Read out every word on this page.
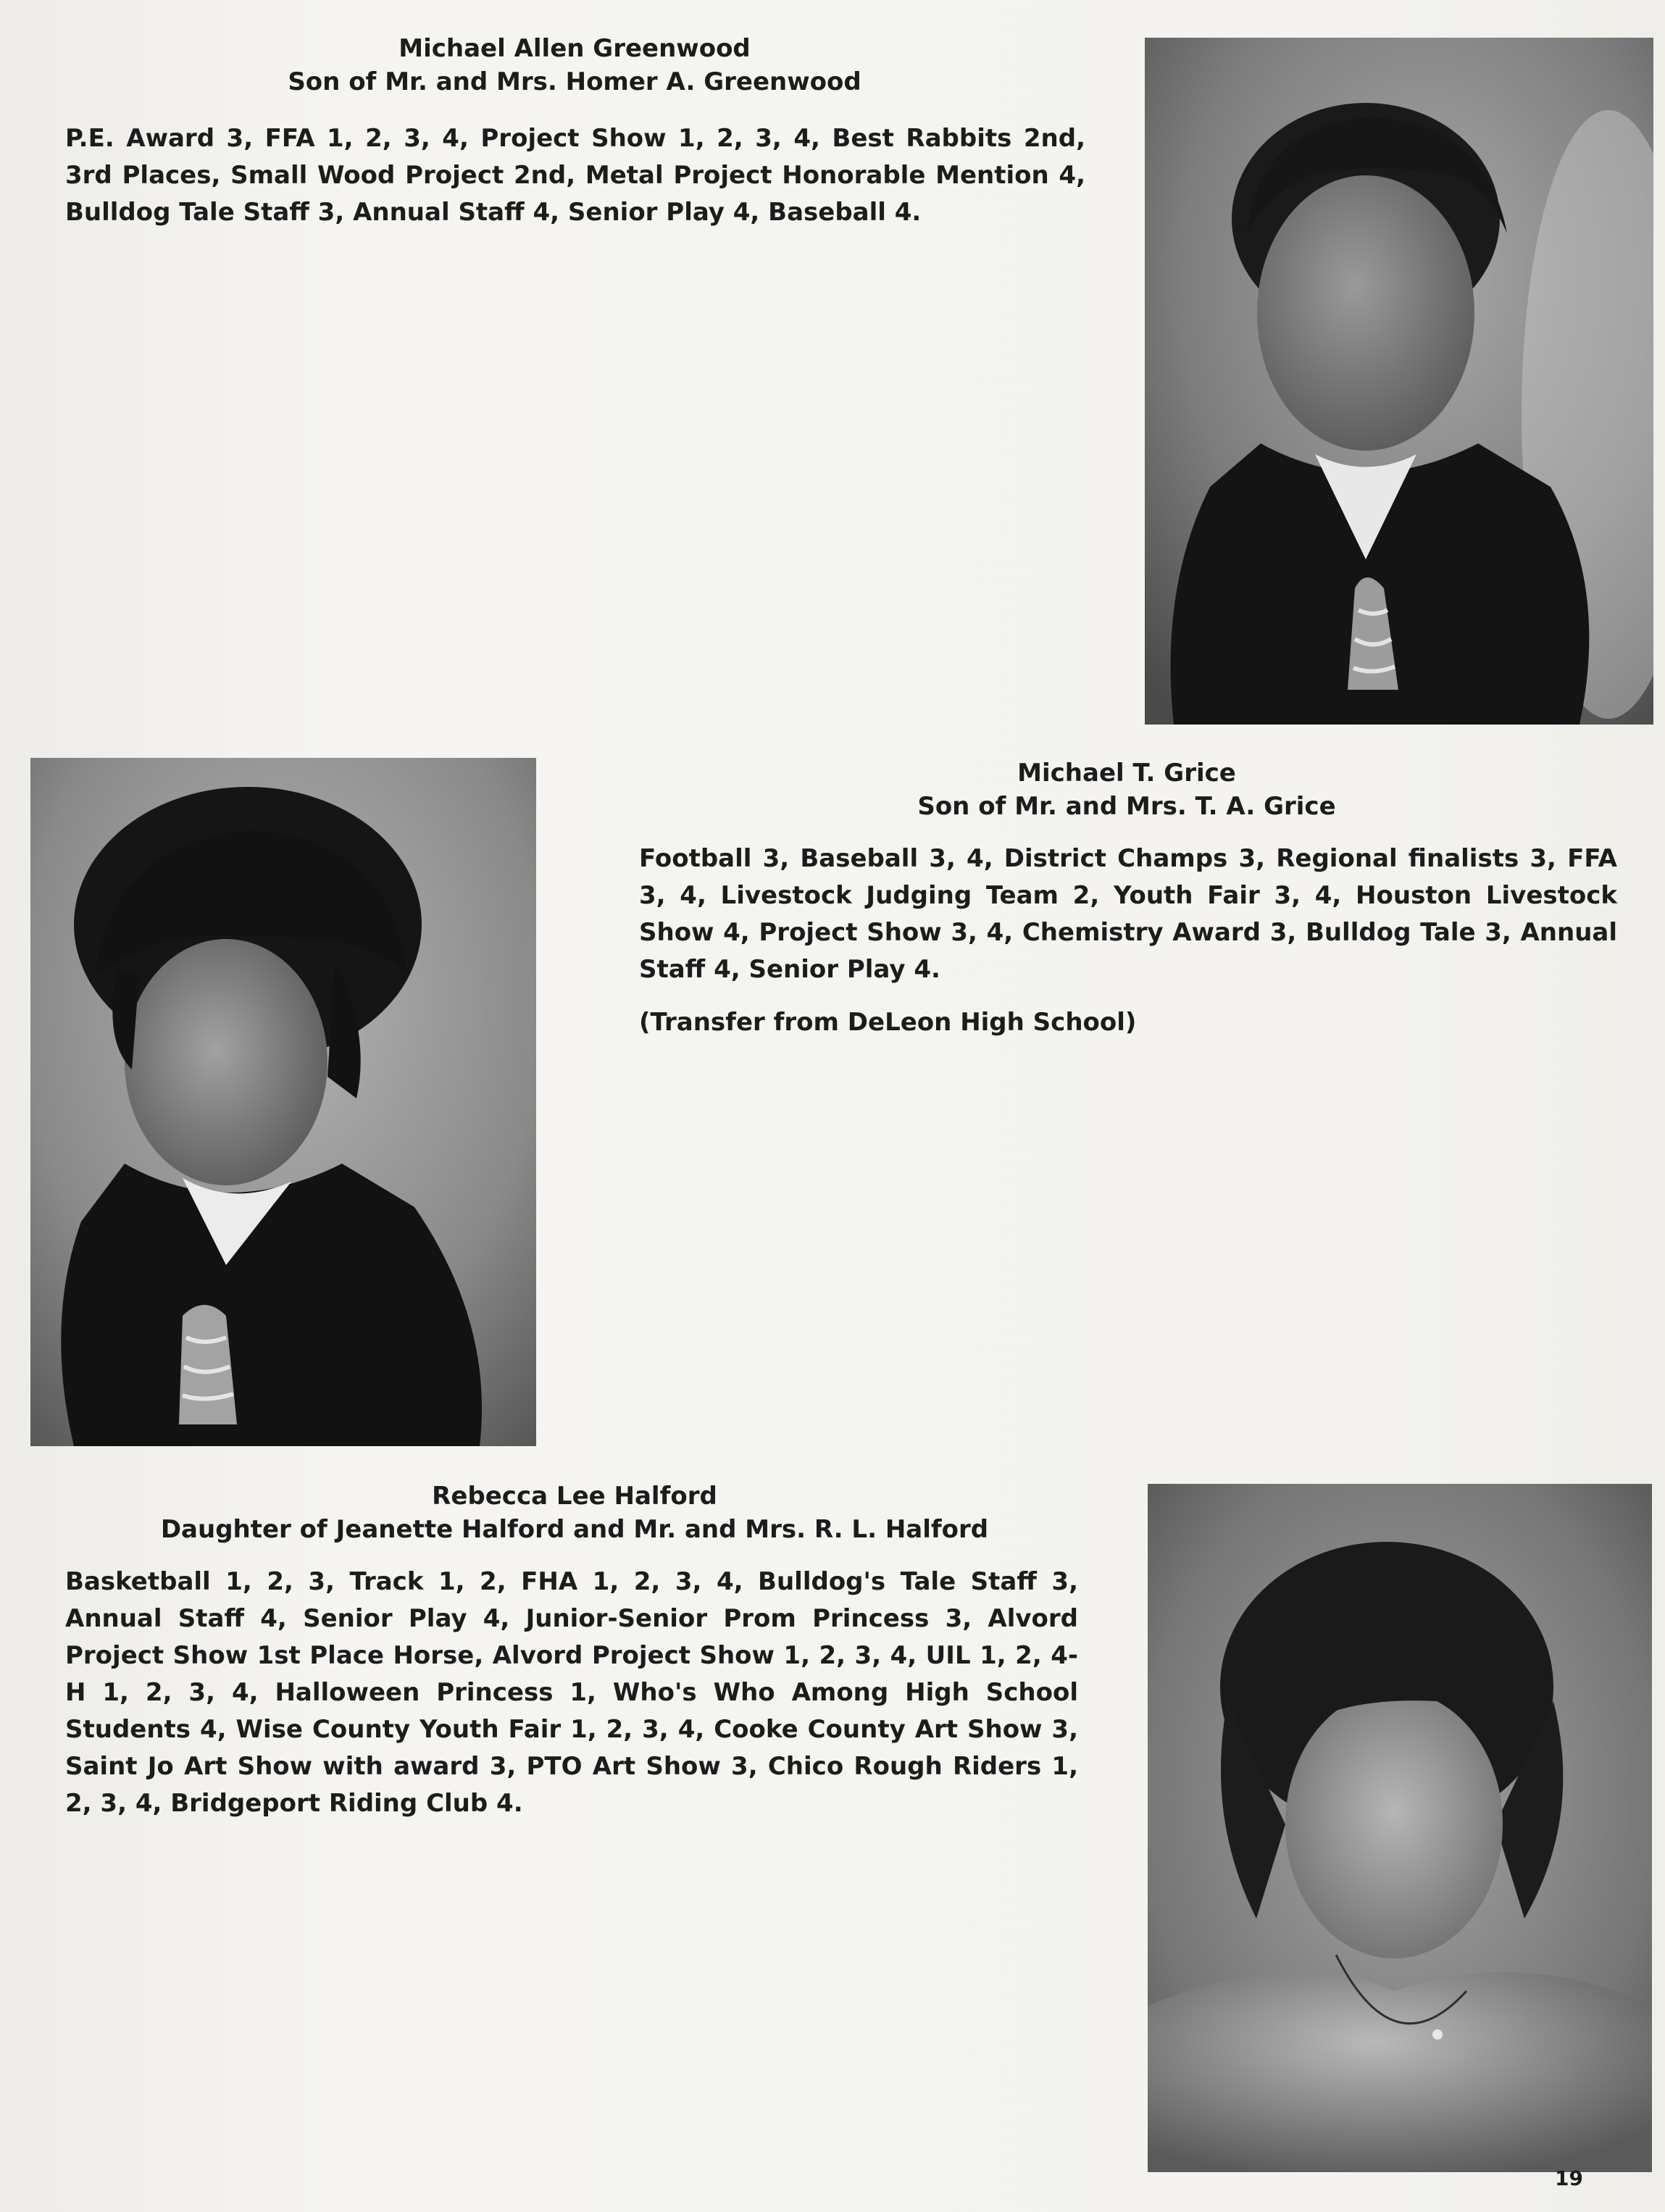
Michael Allen Greenwood
Son of Mr. and Mrs. Homer A. Greenwood

P.E. Award 3, FFA 1, 2, 3, 4, Project Show 1, 2, 3, 4, Best Rabbits 2nd, 3rd Places, Small Wood Project 2nd, Metal Project Honorable Mention 4, Bulldog Tale Staff 3, Annual Staff 4, Senior Play 4, Baseball 4.

Michael T. Grice
Son of Mr. and Mrs. T. A. Grice

Football 3, Baseball 3, 4, District Champs 3, Regional finalists 3, FFA 3, 4, Livestock Judging Team 2, Youth Fair 3, 4, Houston Livestock Show 4, Project Show 3, 4, Chemistry Award 3, Bulldog Tale 3, Annual Staff 4, Senior Play 4.

(Transfer from DeLeon High School)

Rebecca Lee Halford
Daughter of Jeanette Halford and Mr. and Mrs. R. L. Halford

Basketball 1, 2, 3, Track 1, 2, FHA 1, 2, 3, 4, Bulldog's Tale Staff 3, Annual Staff 4, Senior Play 4, Junior-Senior Prom Princess 3, Alvord Project Show 1st Place Horse, Alvord Project Show 1, 2, 3, 4, UIL 1, 2, 4-H 1, 2, 3, 4, Halloween Princess 1, Who's Who Among High School Students 4, Wise County Youth Fair 1, 2, 3, 4, Cooke County Art Show 3, Saint Jo Art Show with award 3, PTO Art Show 3, Chico Rough Riders 1, 2, 3, 4, Bridgeport Riding Club 4.

19
